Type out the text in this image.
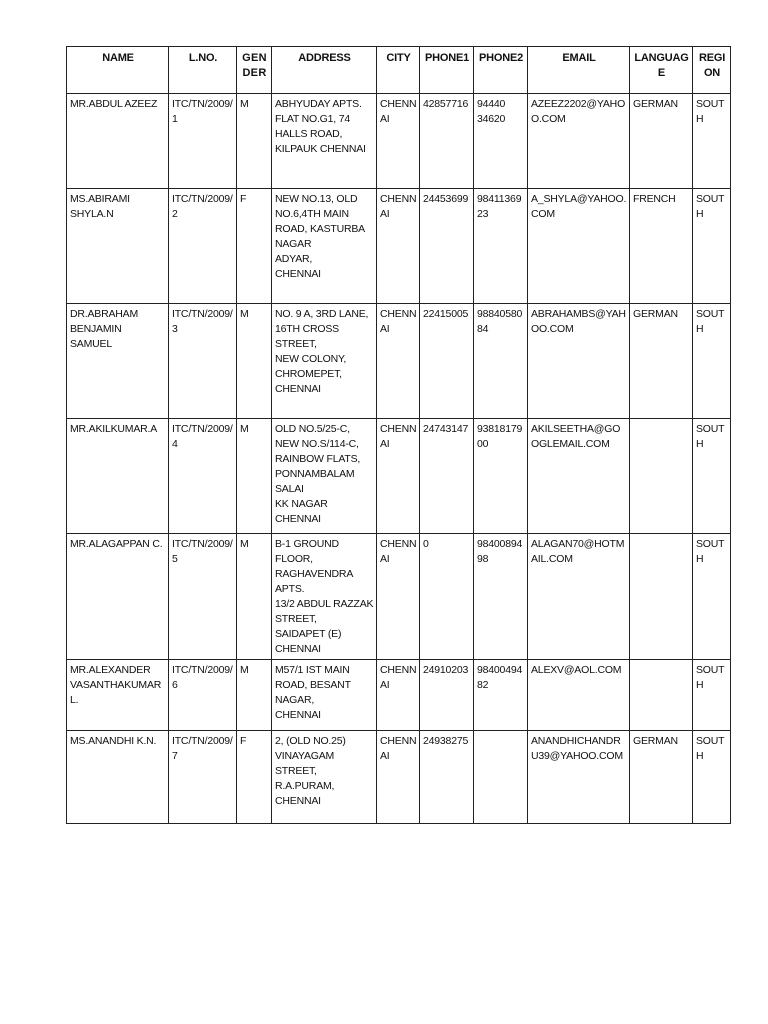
NAME	L.NO.	GENDER	ADDRESS	CITY	PHONE1	PHONE2	EMAIL	LANGUAGE	REGION
MR.ABDUL AZEEZ	ITC/TN/2009/1	M	ABHYUDAY APTS.
FLAT NO.G1, 74 HALLS ROAD,
KILPAUK CHENNAI	CHENNAI	42857716	94440 34620	AZEEZ2202@YAHOO.COM	GERMAN	SOUTH
MS.ABIRAMI SHYLA.N	ITC/TN/2009/2	F	NEW NO.13, OLD NO.6,4TH MAIN ROAD, KASTURBA NAGAR
ADYAR,
CHENNAI	CHENNAI	24453699	9841136923	A_SHYLA@YAHOO.COM	FRENCH	SOUTH
DR.ABRAHAM BENJAMIN SAMUEL	ITC/TN/2009/3	M	NO. 9 A, 3RD LANE, 16TH CROSS STREET,
NEW COLONY,
CHROMEPET,
CHENNAI	CHENNAI	22415005	9884058084	ABRAHAMBS@YAHOO.COM	GERMAN	SOUTH
MR.AKILKUMAR.A	ITC/TN/2009/4	M	OLD NO.5/25-C, NEW NO.S/114-C, RAINBOW FLATS,
PONNAMBALAM SALAI
KK NAGAR CHENNAI	CHENNAI	24743147	9381817900	AKILSEETHA@GOOGLEMAIL.COM		SOUTH
MR.ALAGAPPAN C.	ITC/TN/2009/5	M	B-1 GROUND FLOOR, RAGHAVENDRA APTS.
13/2 ABDUL RAZZAK STREET,
SAIDAPET (E) CHENNAI	CHENNAI	0	9840089498	ALAGAN70@HOTMAIL.COM		SOUTH
MR.ALEXANDER VASANTHAKUMAR L.	ITC/TN/2009/6	M	M57/1 IST MAIN ROAD, BESANT NAGAR,
CHENNAI	CHENNAI	24910203	9840049482	ALEXV@AOL.COM		SOUTH
MS.ANANDHI K.N.	ITC/TN/2009/7	F	2, (OLD NO.25)
VINAYAGAM STREET,
R.A.PURAM,
CHENNAI	CHENNAI	24938275		ANANDHICHANDRU39@YAHOO.COM	GERMAN	SOUTH
